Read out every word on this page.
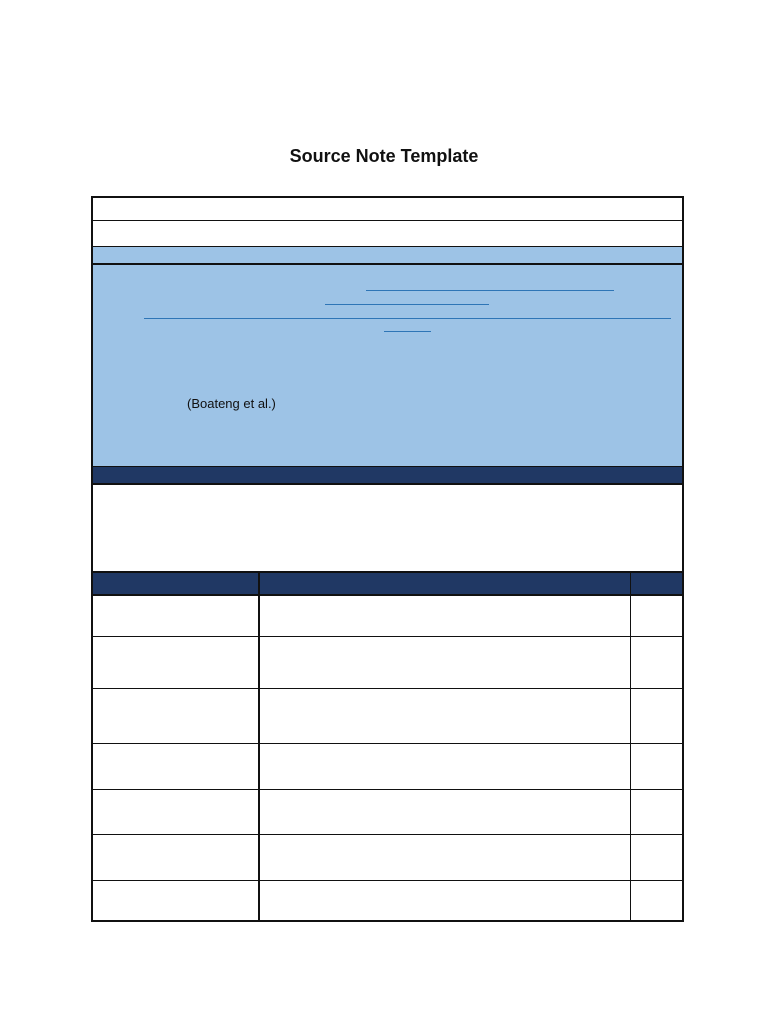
Source Note Template
(Boateng et al.)
